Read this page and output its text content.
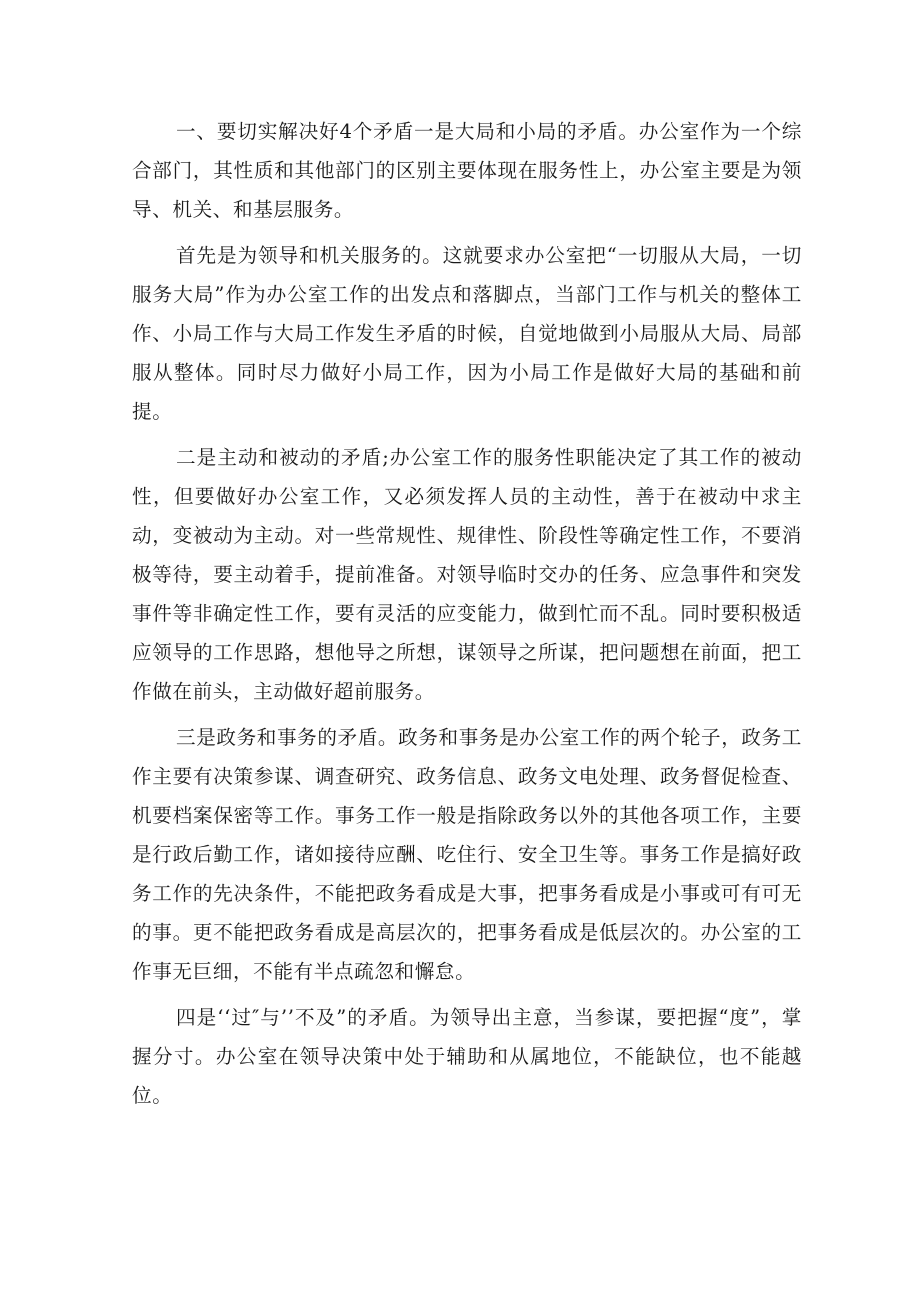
一、要切实解决好4个矛盾一是大局和小局的矛盾。办公室作为一个综合部门，其性质和其他部门的区别主要体现在服务性上，办公室主要是为领导、机关、和基层服务。

首先是为领导和机关服务的。这就要求办公室把“一切服从大局，一切服务大局”作为办公室工作的出发点和落脚点，当部门工作与机关的整体工作、小局工作与大局工作发生矛盾的时候，自觉地做到小局服从大局、局部服从整体。同时尽力做好小局工作，因为小局工作是做好大局的基础和前提。

二是主动和被动的矛盾;办公室工作的服务性职能决定了其工作的被动性，但要做好办公室工作，又必须发挥人员的主动性，善于在被动中求主动，变被动为主动。对一些常规性、规律性、阶段性等确定性工作，不要消极等待，要主动着手，提前准备。对领导临时交办的任务、应急事件和突发事件等非确定性工作，要有灵活的应变能力，做到忙而不乱。同时要积极适应领导的工作思路，想他导之所想，谋领导之所谋，把问题想在前面，把工作做在前头，主动做好超前服务。

三是政务和事务的矛盾。政务和事务是办公室工作的两个轮子，政务工作主要有决策参谋、调查研究、政务信息、政务文电处理、政务督促检查、机要档案保密等工作。事务工作一般是指除政务以外的其他各项工作，主要是行政后勤工作，诸如接待应酬、吃住行、安全卫生等。事务工作是搞好政务工作的先决条件，不能把政务看成是大事，把事务看成是小事或可有可无的事。更不能把政务看成是高层次的，把事务看成是低层次的。办公室的工作事无巨细，不能有半点疏忽和懈怠。

四是‘‘过″与’’不及”的矛盾。为领导出主意，当参谋，要把握“度”，掌握分寸。办公室在领导决策中处于辅助和从属地位，不能缺位，也不能越位。
